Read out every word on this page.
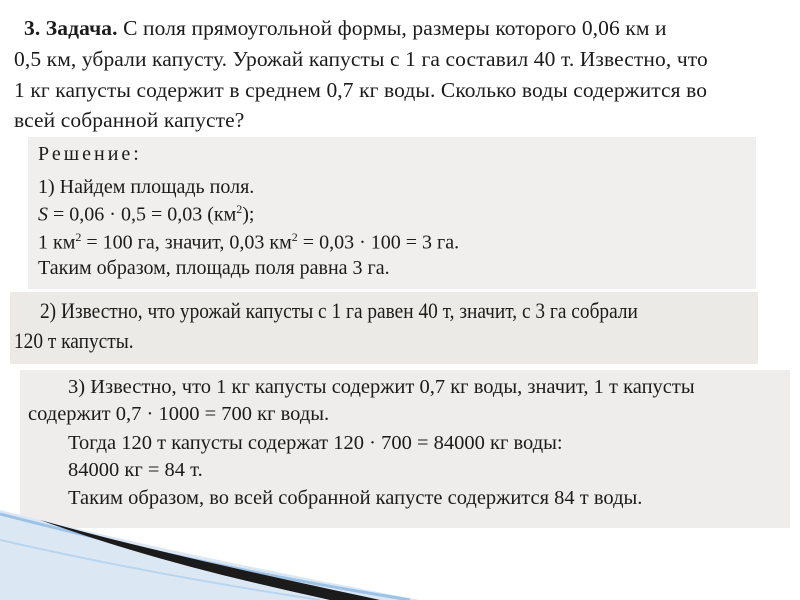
3. Задача. С поля прямоугольной формы, размеры которого 0,06 км и
0,5 км, убрали капусту. Урожай капусты с 1 га составил 40 т. Известно, что
1 кг капусты содержит в среднем 0,7 кг воды. Сколько воды содержится во
всей собранной капусте?
Решение:
1) Найдем площадь поля.
S = 0,06 · 0,5 = 0,03 $(км^2)$;
1 $км^2 = 100$ га, значит, 0,03 $км^2 = 0,03 \cdot 100 = 3$ га.
Таким образом, площадь поля равна 3 га.
2) Известно, что урожай капусты с 1 га равен 40 т, значит, с 3 га собрали
120 т капусты.
3) Известно, что 1 кг капусты содержит 0,7 кг воды, значит, 1 т капусты
содержит 0,7 · 1000 = 700 кг воды.
Тогда 120 т капусты содержат 120 · 700 = 84000 кг воды:
84000 кг = 84 т.
Таким образом, во всей собранной капусте содержится 84 т воды.
